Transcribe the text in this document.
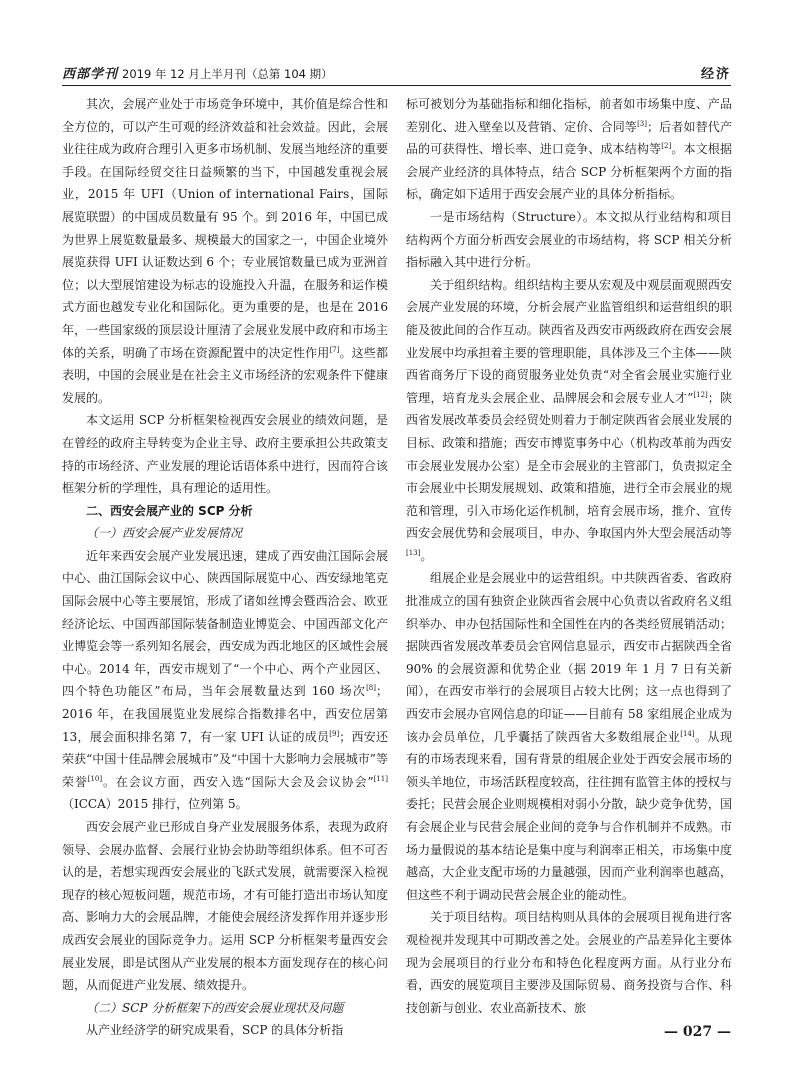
西部学刊 2019 年 12 月上半月刊（总第 104 期）	经济

其次，会展产业处于市场竞争环境中，其价值是综合性和全方位的，可以产生可观的经济效益和社会效益。因此，会展业往往成为政府合理引入更多市场机制、发展当地经济的重要手段。在国际经贸交往日益频繁的当下，中国越发重视会展业，2015 年 UFI（Union of international Fairs，国际展览联盟）的中国成员数量有 95 个。到 2016 年，中国已成为世界上展览数量最多、规模最大的国家之一，中国企业境外展览获得 UFI 认证数达到 6 个；专业展馆数量已成为亚洲首位；以大型展馆建设为标志的设施投入升温，在服务和运作模式方面也越发专业化和国际化。更为重要的是，也是在 2016 年，一些国家级的顶层设计厘清了会展业发展中政府和市场主体的关系，明确了市场在资源配置中的决定性作用[7]。这些都表明，中国的会展业是在社会主义市场经济的宏观条件下健康发展的。

本文运用 SCP 分析框架检视西安会展业的绩效问题，是在曾经的政府主导转变为企业主导、政府主要承担公共政策支持的市场经济、产业发展的理论话语体系中进行，因而符合该框架分析的学理性，具有理论的适用性。

二、西安会展产业的 SCP 分析

（一）西安会展产业发展情况

近年来西安会展产业发展迅速，建成了西安曲江国际会展中心、曲江国际会议中心、陕西国际展览中心、西安绿地笔克国际会展中心等主要展馆，形成了诸如丝博会暨西洽会、欧亚经济论坛、中国西部国际装备制造业博览会、中国西部文化产业博览会等一系列知名展会，西安成为西北地区的区域性会展中心。2014 年，西安市规划了“一个中心、两个产业园区、四个特色功能区”布局，当年会展数量达到 160 场次[8]；2016 年，在我国展览业发展综合指数排名中，西安位居第 13，展会面积排名第 7，有一家 UFI 认证的成员[9]；西安还荣获“中国十佳品牌会展城市”及“中国十大影响力会展城市”等荣誉[10]。在会议方面，西安入选“国际大会及会议协会”[11]（ICCA）2015 排行，位列第 5。

西安会展产业已形成自身产业发展服务体系，表现为政府领导、会展办监督、会展行业协会协助等组织体系。但不可否认的是，若想实现西安会展业的飞跃式发展，就需要深入检视现存的核心短板问题，规范市场，才有可能打造出市场认知度高、影响力大的会展品牌，才能使会展经济发挥作用并逐步形成西安会展业的国际竞争力。运用 SCP 分析框架考量西安会展业发展，即是试图从产业发展的根本方面发现存在的核心问题，从而促进产业发展、绩效提升。

（二）SCP 分析框架下的西安会展业现状及问题

从产业经济学的研究成果看，SCP 的具体分析指

标可被划分为基础指标和细化指标，前者如市场集中度、产品差别化、进入壁垒以及营销、定价、合同等[3]；后者如替代产品的可获得性、增长率、进口竞争、成本结构等[2]。本文根据会展产业经济的具体特点，结合 SCP 分析框架两个方面的指标，确定如下适用于西安会展产业的具体分析指标。

一是市场结构（Structure）。本文拟从行业结构和项目结构两个方面分析西安会展业的市场结构，将 SCP 相关分析指标融入其中进行分析。

关于组织结构。组织结构主要从宏观及中观层面观照西安会展产业发展的环境，分析会展产业监管组织和运营组织的职能及彼此间的合作互动。陕西省及西安市两级政府在西安会展业发展中均承担着主要的管理职能，具体涉及三个主体——陕西省商务厅下设的商贸服务业处负责“对全省会展业实施行业管理，培育龙头会展企业、品牌展会和会展专业人才”[12]；陕西省发展改革委员会经贸处则着力于制定陕西省会展业发展的目标、政策和措施；西安市博览事务中心（机构改革前为西安市会展业发展办公室）是全市会展业的主管部门，负责拟定全市会展业中长期发展规划、政策和措施，进行全市会展业的规范和管理，引入市场化运作机制，培育会展市场，推介、宣传西安会展优势和会展项目，申办、争取国内外大型会展活动等[13]。

组展企业是会展业中的运营组织。中共陕西省委、省政府批准成立的国有独资企业陕西省会展中心负责以省政府名义组织举办、申办包括国际性和全国性在内的各类经贸展销活动；据陕西省发展改革委员会官网信息显示，西安市占据陕西全省 90% 的会展资源和优势企业（据 2019 年 1 月 7 日有关新闻），在西安市举行的会展项目占较大比例；这一点也得到了西安市会展办官网信息的印证——目前有 58 家组展企业成为该办会员单位，几乎囊括了陕西省大多数组展企业[14]。从现有的市场表现来看，国有背景的组展企业处于西安会展市场的领头羊地位，市场活跃程度较高，往往拥有监管主体的授权与委托；民营会展企业则规模相对弱小分散，缺少竞争优势，国有会展企业与民营会展企业间的竞争与合作机制并不成熟。市场力量假说的基本结论是集中度与利润率正相关，市场集中度越高，大企业支配市场的力量越强，因而产业利润率也越高，但这些不利于调动民营会展企业的能动性。

关于项目结构。项目结构则从具体的会展项目视角进行客观检视并发现其中可期改善之处。会展业的产品差异化主要体现为会展项目的行业分布和特色化程度两方面。从行业分布看，西安的展览项目主要涉及国际贸易、商务投资与合作、科技创新与创业、农业高新技术、旅

— 027 —
